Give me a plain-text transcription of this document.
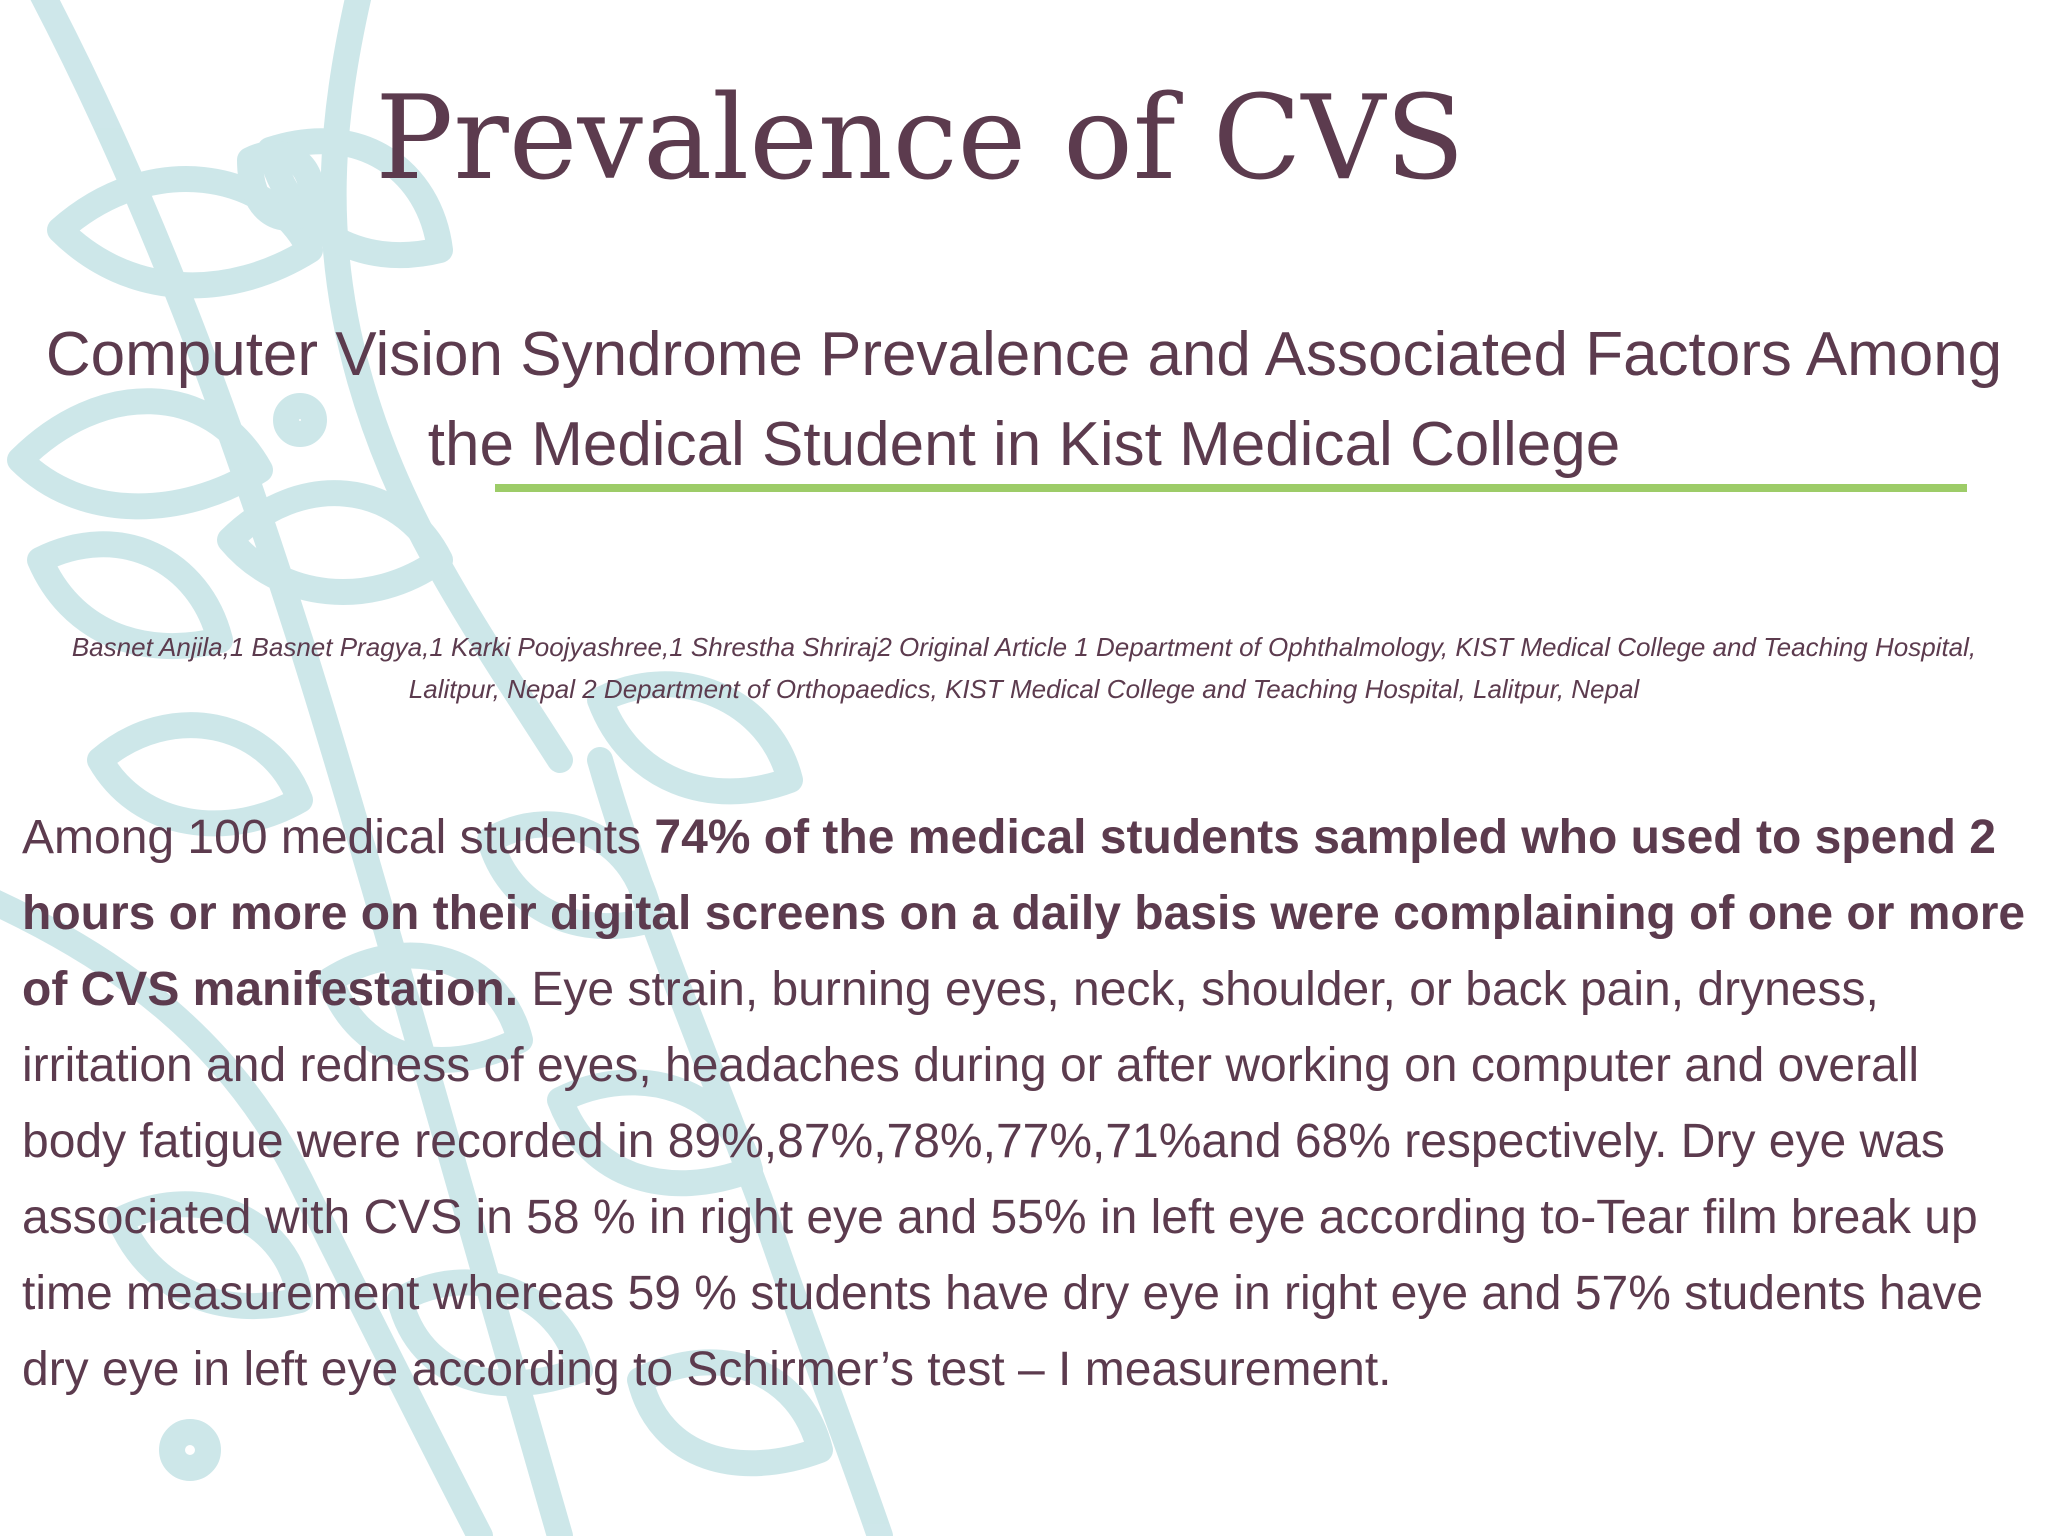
Prevalence of CVS
Computer Vision Syndrome Prevalence and Associated Factors Among the Medical Student in Kist Medical College
Basnet Anjila,1 Basnet Pragya,1 Karki Poojyashree,1 Shrestha Shriraj2 Original Article 1 Department of Ophthalmology, KIST Medical College and Teaching Hospital, Lalitpur, Nepal 2 Department of Orthopaedics, KIST Medical College and Teaching Hospital, Lalitpur, Nepal
Among 100 medical students 74% of the medical students sampled who used to spend 2 hours or more on their digital screens on a daily basis were complaining of one or more of CVS manifestation. Eye strain, burning eyes, neck, shoulder, or back pain, dryness, irritation and redness of eyes, headaches during or after working on computer and overall body fatigue were recorded in 89%,87%,78%,77%,71%and 68% respectively. Dry eye was associated with CVS in 58 % in right eye and 55% in left eye according to-Tear film break up time measurement whereas 59 % students have dry eye in right eye and 57% students have dry eye in left eye according to Schirmer’s test – I measurement.
